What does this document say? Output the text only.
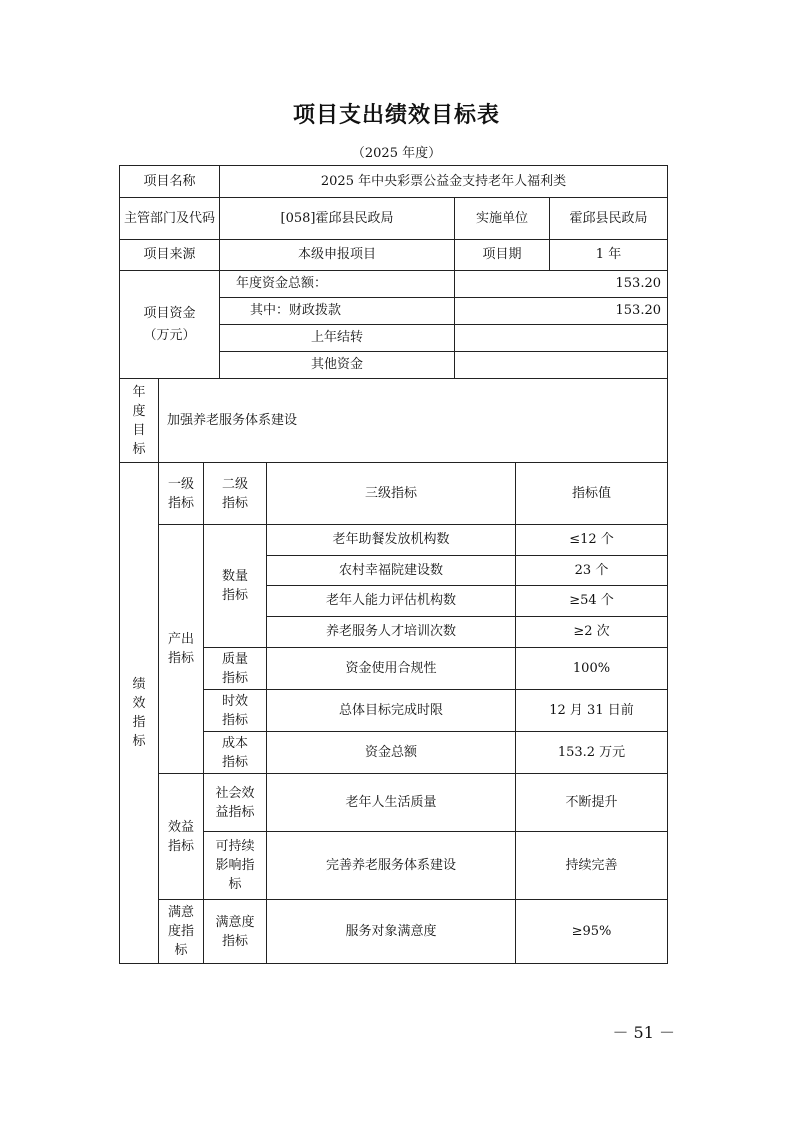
项目支出绩效目标表
（2025 年度）
项目名称			2025 年中央彩票公益金支持老年人福利类				
主管部门及代码			[058]霍邱县民政局		实施单位		霍邱县民政局
项目来源			本级申报项目		项目期		1 年

项目资金
（万元）			年度资金总额：		153.20		
			其中：财政拨款		153.20		
			上年结转				
			其他资金				

年度目标	加强养老服务体系建设						

绩效指标	一级指标	二级指标		三级指标		指标值	

	产出指标	数量指标		老年助餐发放机构数		≤12 个	
				农村幸福院建设数		23 个	
				老年人能力评估机构数		≥54 个	
				养老服务人才培训次数		≥2 次	

		质量指标		资金使用合规性		100%	

		时效指标		总体目标完成时限		12 月 31 日前	

		成本指标		资金总额		153.2 万元	

	效益指标	社会效益指标		老年人生活质量		不断提升	

		可持续影响指标		完善养老服务体系建设		持续完善	

	满意度指标	满意度指标		服务对象满意度		≥95%	
－ 51 －
